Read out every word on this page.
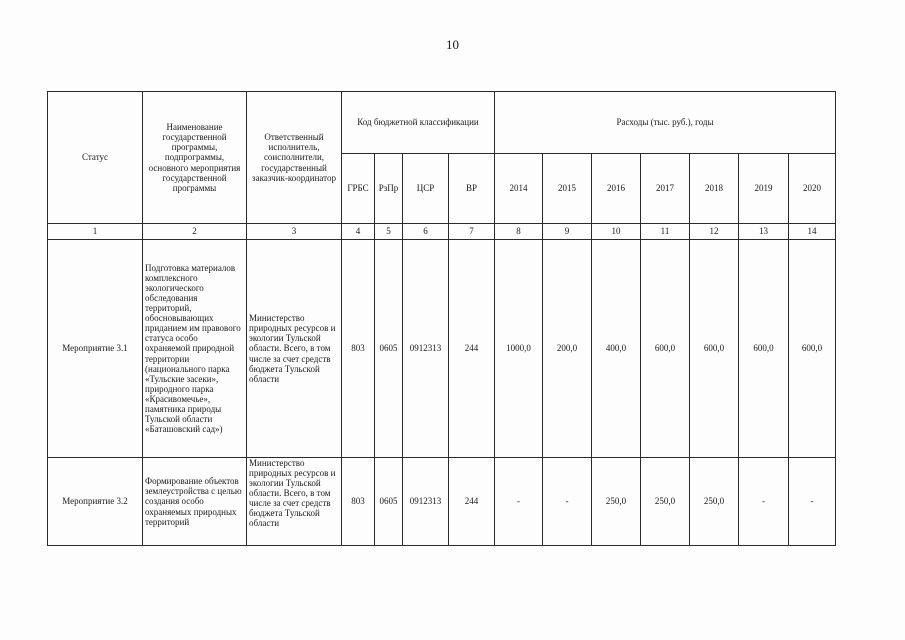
10
Статус	Наименование государственной программы, подпрограммы, основного мероприятия государственной программы	Ответственный исполнитель, соисполнители, государственный заказчик-координатор	Код бюджетной классификации				Расходы (тыс. руб.), годы						
			ГРБС	РзПр	ЦСР	ВР	2014	2015	2016	2017	2018	2019	2020
1	2	3	4	5	6	7	8	9	10	11	12	13	14
Мероприятие 3.1	Подготовка материалов комплексного экологического обследования территорий, обосновывающих приданием им правового статуса особо охраняемой природной территории (национального парка «Тульские засеки», природного парка «Красивомечье», памятника природы Тульской области «Баташовский сад»)	Министерство природных ресурсов и экологии Тульской области. Всего, в том числе за счет средств бюджета Тульской области	803	0605	0912313	244	1000,0	200,0	400,0	600,0	600,0	600,0	600,0
Мероприятие 3.2	Формирование объектов землеустройства с целью создания особо охраняемых природных территорий	Министерство природных ресурсов и экологии Тульской области. Всего, в том числе за счет средств бюджета Тульской области	803	0605	0912313	244	-	-	250,0	250,0	250,0	-	-
